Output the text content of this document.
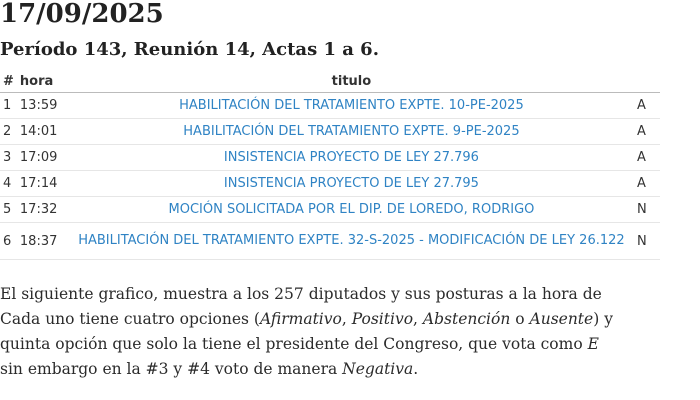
17/09/2025
Período 143, Reunión 14, Actas 1 a 6.
#	hora	titulo	
1	13:59	HABILITACIÓN DEL TRATAMIENTO EXPTE. 10-PE-2025	A
2	14:01	HABILITACIÓN DEL TRATAMIENTO EXPTE. 9-PE-2025	A
3	17:09	INSISTENCIA PROYECTO DE LEY 27.796	A
4	17:14	INSISTENCIA PROYECTO DE LEY 27.795	A
5	17:32	MOCIÓN SOLICITADA POR EL DIP. DE LOREDO, RODRIGO	N
6	18:37	HABILITACIÓN DEL TRATAMIENTO EXPTE. 32-S-2025 - MODIFICACIÓN DE LEY 26.122	N

El siguiente grafico, muestra a los 257 diputados y sus posturas a la hora de
Cada uno tiene cuatro opciones (Afirmativo, Positivo, Abstención o Ausente) y
quinta opción que solo la tiene el presidente del Congreso, que vota como E
sin embargo en la #3 y #4 voto de manera Negativa.
